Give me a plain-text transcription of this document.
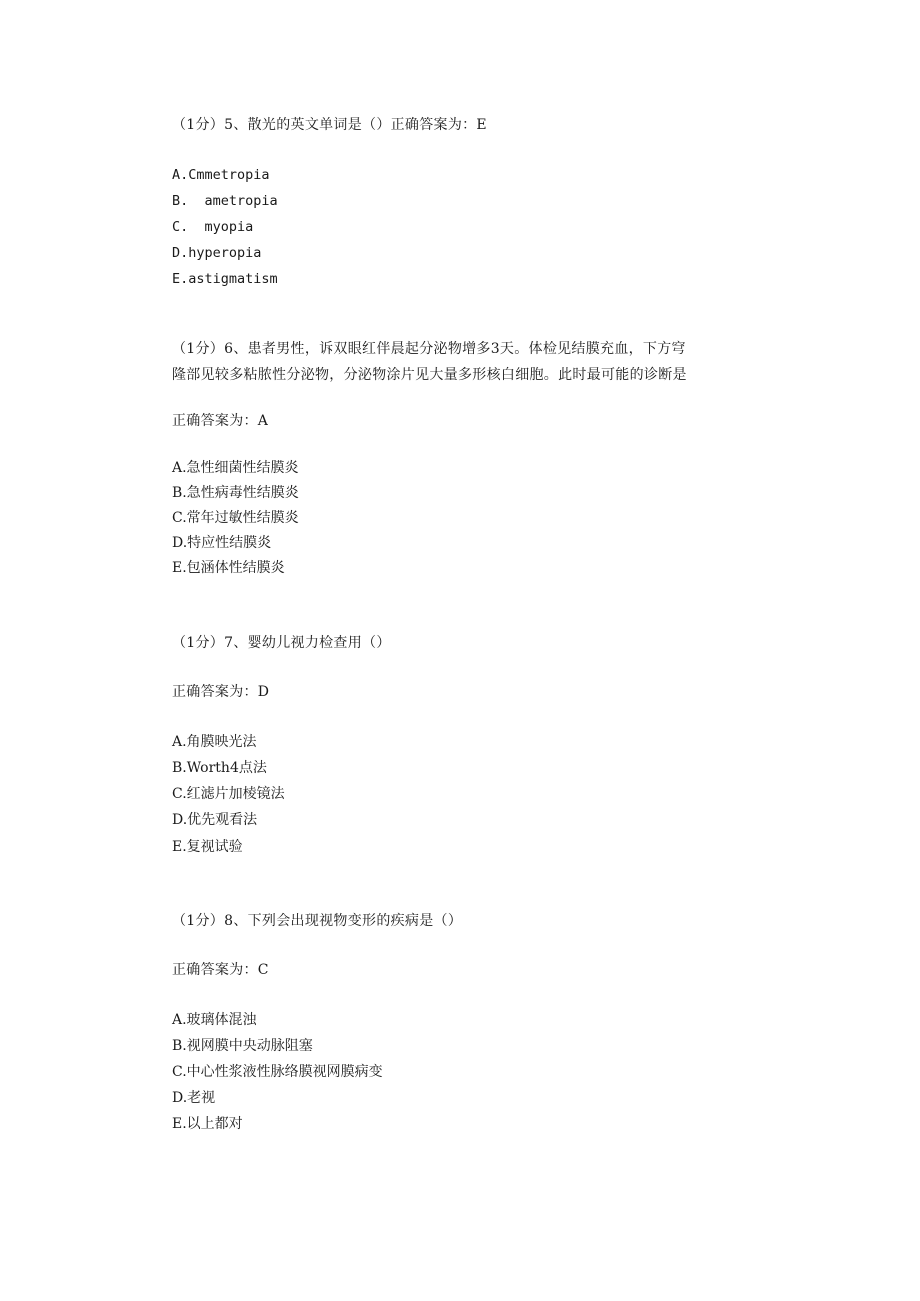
（1分）5、散光的英文单词是（）正确答案为：E
A.Cmmetropia
B.  ametropia
C.  myopia
D.hyperopia
E.astigmatism
（1分）6、患者男性，诉双眼红伴晨起分泌物增多3天。体检见结膜充血，下方穹
隆部见较多粘脓性分泌物，分泌物涂片见大量多形核白细胞。此时最可能的诊断是
正确答案为：A
A.急性细菌性结膜炎
B.急性病毒性结膜炎
C.常年过敏性结膜炎
D.特应性结膜炎
E.包涵体性结膜炎
（1分）7、婴幼儿视力检查用（）
正确答案为：D
A.角膜映光法
B.Worth4点法
C.红滤片加棱镜法
D.优先观看法
E.复视试验
（1分）8、下列会出现视物变形的疾病是（）
正确答案为：C
A.玻璃体混浊
B.视网膜中央动脉阻塞
C.中心性浆液性脉络膜视网膜病变
D.老视
E.以上都对
